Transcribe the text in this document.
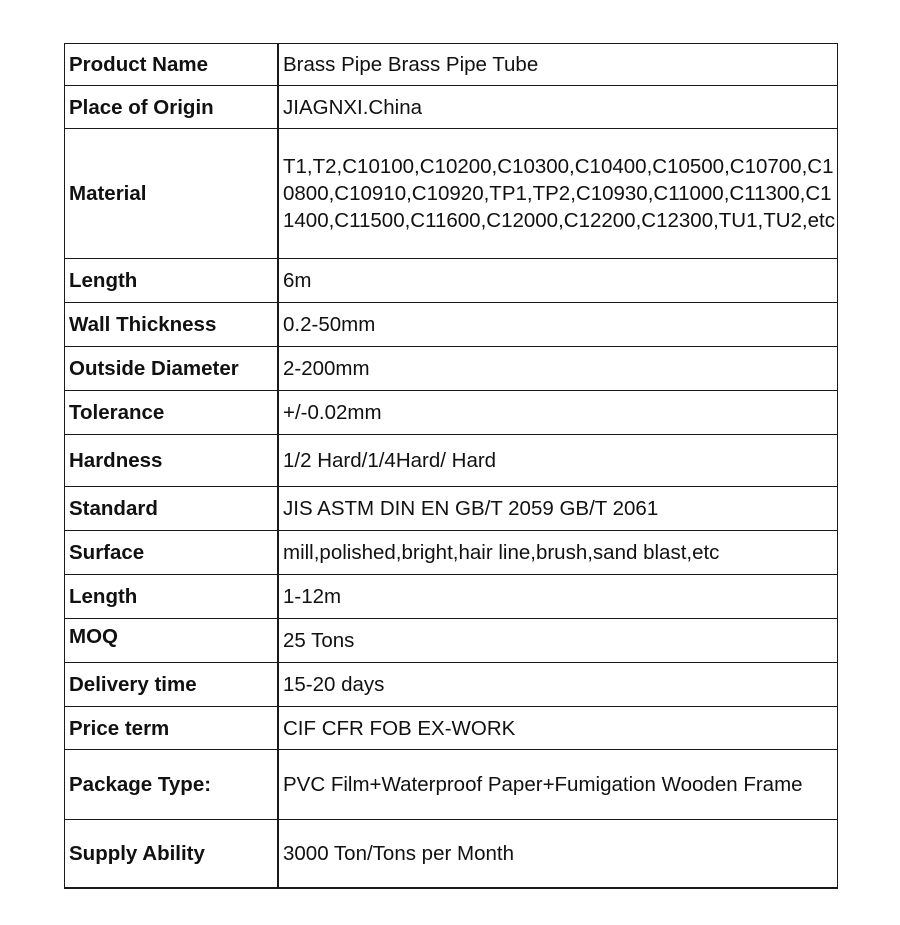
Product Name	Brass Pipe Brass Pipe Tube
Place of Origin	JIAGNXI.China
Material	T1,T2,C10100,C10200,C10300,C10400,C10500,C10700,C10800,C10910,C10920,TP1,TP2,C10930,C11000,C11300,C11400,C11500,C11600,C12000,C12200,C12300,TU1,TU2,etc
Length	6m
Wall Thickness	0.2-50mm
Outside Diameter	2-200mm
Tolerance	+/-0.02mm
Hardness	1/2 Hard/1/4Hard/ Hard
Standard	JIS ASTM DIN EN GB/T 2059 GB/T 2061
Surface	mill,polished,bright,hair line,brush,sand blast,etc
Length	1-12m
MOQ	25 Tons
Delivery time	15-20 days
Price term	CIF CFR FOB EX-WORK
Package Type:	PVC Film+Waterproof Paper+Fumigation Wooden Frame
Supply Ability	3000 Ton/Tons per Month
